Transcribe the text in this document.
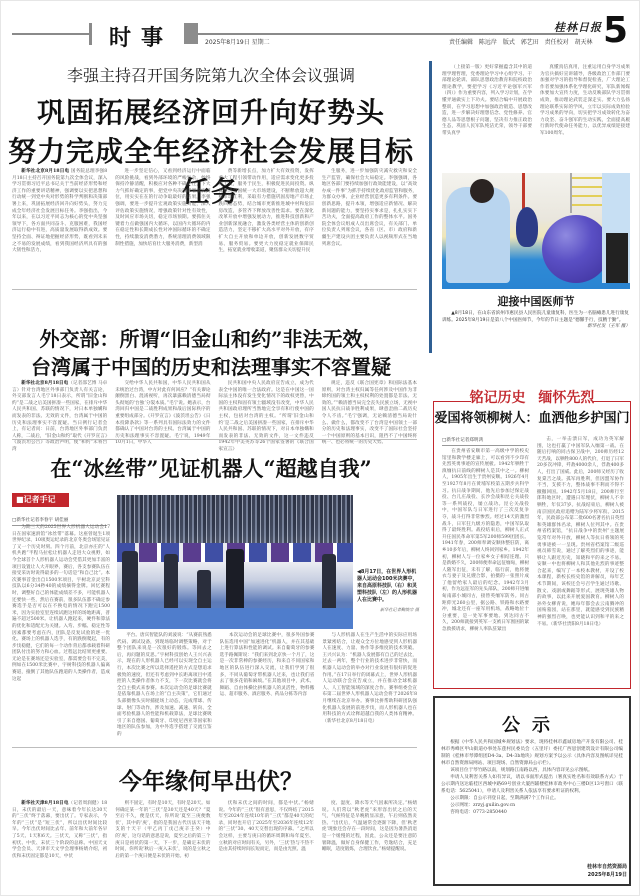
时事	2025年8月19日 星期二
桂林日报
责任编辑 陈远岸 版式 郭艺田 责任校对 胡天林 5
李强主持召开国务院第九次全体会议强调
巩固拓展经济回升向好势头
努力完成全年经济社会发展目标任务

新华社北京8月18日电 国务院总理李强8月18日主持召开国务院第九次全体会议，深入学习贯彻习近平总书记关于当前经济形势和经济工作的重要讲话精神，强调要以实把思想和行动统一到党中央对形势的科学判断和决策部署上来，巩固拓展经济回升向好势头，努力完成全年经济社会发展目标任务。李强指出，今年以来，在以习近平同志为核心的党中央坚强领导下，各方面共同奋斗、克服困难，我国经济运行稳中有进，高质量发展取得新成效。要坚持全面、辩证地把握经济形势，既看到未来之不易的发展成绩，看到我国经济所具有的强大韧性和活力，

进一步坚定信心，又看到经济运行中面临的风险挑战，看到外部环境的严峻复杂，始终保持冷静清醒，积极应对各种不确定性，下大力气抓好确定的事，把党中央决策部署落实到位，用实实在在的行动争取最好的结果。李强强调，要进一步提升宏观政策实施效能，深入评估政策实施情况，增强政策针对性有效性，及时回应市场关切，稳定市场预期。要抓住关键着力点做强国内大循环，以国内大循环的内在稳定性和长期成长性对冲国际循环的不确定性，持续激发消费潜力，系统清理消费领域限制性措施，加快培育壮大服务消费，新型消

费等新增长点，加力扩大有效投资，发挥重大工程引领带动作用，适应需求变化更多投资于人，服务于民生，积极促进民间投资。纵深推进全国统一大市场建设，不断释放超大规模市场红利，采取有力措施巩固房地产市场止跌回稳态势，结合城市更新推进城中村和危旧房改造，多管齐下释放改善性需求。要在深化改革开放中增强发展动力，推进科技创新和产业创新深度融合，激发各类经营主体的创新创造活力，坚定不移扩大高水平对外开放，有序扩大自主开放和单边开放，创新发展数字贸易、服务贸易。要更大力度稳定就业保障民生，拓宽就业增收渠道，聚焦群众关切提升民

生服务，进一步加强防灾减灾救灾和安全生产监管，确保社会大局稳定。李强强调，各地区各部门要持续加强行政效能建设，以“高效办成一件事”为抓手持续优化政府监管和服务，为群众办事、企业经营创造更多有利条件。要创新思路，提升本领，增强适应新情况、解决新问题的能力，要坚持实事求是，扎扎实实下苦功夫，全面提高政府工作的整体水平。国务院全体会议组成人员出席会议，有关部门、单位负责人列席会议，各省（区、市）政府和新疆生产建设兵团主要负责人以视频形式在当地列席会议。

外交部：所谓“旧金山和约”非法无效，
台湾属于中国的历史和法理事实不容置疑

新华社北京8月18日电（记者邵艺博 马卓言）针对台湾地区外事部门负责人有关言论，外交部发言人毛宁18日表示，所谓“旧金山和约”是二战之后美国拼凑一些国家，在排斥中华人民共和国、苏联的情况下，对日本单独媾和而发表的非法、无效的文件，台湾属于中国的历史和法理事实不容置疑。当日例行记者会上，有记者问：日前，台湾地区外事部门负责人称，二战后，“旧金山和约”取代《开罗宣言》《波茨坦公告》等政治声明，使“和约”未将台湾

交给中华人民共和国，中华人民共和国从未统治过台湾，中方对此有何回应？“有关谬论颠倒黑白、混淆视听，再次暴露赖清德当局彻头彻尾的‘台独’分裂本质。”毛宁说。她表示，台湾回归中国是二战胜利成果和战后国际秩序的重要组成部分。《开罗宣言》《波茨坦公告》《日本投降条款》等一系列具有国际法效力的文件都确认了中国对台湾的主权。台湾属于中国的历史和法理事实不容置疑。毛宁说，1949年10月1日，中华人

民共和国中央人民政府宣告成立，成为代表全中国的唯一合法政府。这是在中国这一国际法主体没有发生变化情况下的政权更替，中国的主权和固有领土疆域没有改变，中华人民共和国政府理所当然地完全享有和行使中国的主权，包括对台湾的主权。“所谓‘旧金山和约’是二战之后美国拼凑一些国家，在排斥中华人民共和国、苏联的情况下，对日本单独媾和而发表的非法、无效的文件，这一文件违反1942年中美英苏等26个国家签署的《联合国家宣言》

规定，违反《联合国宪章》和国际法基本原则，对台湾主权归属等任何涉及中国作为非缔约国的领土和主权权利的处置都是非法、无效的。”“赖清德当局完全丧失民族立场，无视中国人民抗日战争胜利成果，肆意歪曲二战历史令人不齿。”毛宁强调，无论赖清德当局说什么、做什么，都改变不了台湾是中国领土一部分的历史和法理事实，改变不了国际社会坚持一个中国原则的基本目识，阻挡不了中国终将统一、也必将统一的历史大势。

在“冰丝带”见证机器人“超越自我”
■记者手记
□新华社记者李春宇 胡佳丽
◀8月17日，在世界人形机器人运动会100米决赛中，来自高原科技队（右）和灵塑科技队（左）的人形机器人在比赛中。
新华社记者鞠焕宗 摄

为期三天的2025世界人形机器人运动会17日在国家速滑馆“冰丝带”落幕。这座曾诞生1项世界纪录、10项奥运纪录的北京冬奥会场馆见证了又一个历史时刻。四个月前，北京亦庄的“人机共跑”半程马拉松让机器人走进大众视野，如今全球首个人形机器人运动会凭借其更加丰富的项目设置让人大开眼界，赛后，各支参赛队伍在接受采访时说得最多的一句话是“和自己比”。本次赛事首金出自1500米项目，宇树北京灵宝科技队以6分34秒40的成绩摘得金牌。回忆赛程时，调整好自己的体能成绩差不多，可能机器人还要快一些，然后在赛前，很多队伍都不确定参赛选手是否可以在不换电的情况下跑完1500米，因为实验室里连续试跑这样的场地距离，普遍不超过500米。让机器人跑起来，硬件和算法的优化和适配尤为关键。入弯、步幅、稳定性等因素都要考虑在内，团队是反复试验的逐一优化。赛场上的机器人选手，有的跌倒爬起，有的步伐稳健，它们的每一个动作背后都承载着科研团队付出的努力和心血。过程远比结果更重要。无论是在赛场还是实验室，都需要会有不完美，例如在1500米比赛中，宇树科技的机器人偏离赛道，撞倒了其他队伍跑道的人类操作者，造成这起

平台。唐宾智能队的刘波说：“从赛前熟悉代码、调试设备，到现场临时调整策略，对于整个团队来说是一次很好的锻炼。等回去之后，再问题的反思。”宇树科技创始人王兴兴表示，现在的人形机器人已经可以实现全自主运行，本次比赛之所以选择遥控的方式是想追求极致的速度，但还有考虑到中长距离项目中遥控的人类操作者体力不支，下一次比赛就会将全自主模式来参赛。本次运动会的足球比赛就是依靠机器人在场上的“自主决策”，它们通过头部摄像头实时捕捉场上动态，完成带球、传球、射门等动作，涉及加速、减速、转向、全面考验机器人的性能和机载算法，足球比赛吸引了来自德国、葡萄牙、印度尼西亚等国家和地区的队伍参加，为中外选手搭建了交流互鉴的

本次运动会的足球比赛中，很多外国参赛队伍选用中国“加速进化”机器人，并在其基础上进行算法和性能的调试。来自葡萄牙的参赛选手路佩斯说：“我们来到北京快一个月了，这是一次非常棒的参赛经历，和来自不同国家和地区的队伍进行深入交流，让我们学到了很多，不同从葡萄牙带机器人过来，也让我们省去了很多花销和麻烦。”在其他项目中，武术、舞蹈、自由体操比拼机器人的灵活性，物料搬运、超市服务、酒店服务、药品分拣等内容

与人形机器人在生产生活中的实际应用场景紧密结合，让观众全方位地感受到人形机器人在速度、力量、协作等多维度的技术突破。王兴兴认为：“机器人发展都有自己的过去比，过去一两年，整个行业的技术进步非常快，而机器人运动会的举办对行业发展有很好的促进作用。”在17日举行的闭幕式上，世界人形机器人运动联合会宣告成立，并在推动全球机器人、人工智能领域的深度合作。赛事组委会宣布第二届世界人形机器人运动会将于2026年8月继续在北京举办。赛事比拼帮助科研团队强化机器人发展的前进步伐，而人形机器人也在用科技的方式诠释超越自我的人类体育精神。（新华社北京8月18日电）

今年缘何早出伏？

新华社天津8月18日电（记者周润健）18日，末伏的最后一天，意味着今年长达30天的“三伏”终于落幕，要出伏了。专家表示，今年的“三伏”是“短三伏”，所以出伏时间比较早。今年出伏时间比去年、前年和大前年各早了5天、1天和6天。三伏天，又称“三伏”，指初伏、中伏、末伏三个阶段的总称。中国天文学会会员、天津市天文学会理事杨婧介绍，初伏和末伏固定都是10天，中伏

则不固定，有时是10天，有时是20天。如何确定某一年的“三伏”是30天还是40天？“夏至后不久，便是伏天，你所说‘夏至三庚便数伏’，其中的‘庚’，指的是我国古代历法天干地支的十天干（甲乙丙丁戊己庚辛壬癸）中的‘庚’，这句话的意思是说，夏至之后的第三个庚日是初伏的第一天，下一步，是确定末伏的时间，你所说‘秋后一庚入末伏’，说的是立秋之后的第一个庚日便是末伏的开始。初

伏和末伏之间的时间，都是中伏。”杨婧说。今年的“三伏”很有意思，不仅终结了2015年至2024年连续10年的“三伏”都是40天的纪录，同时也开启了2025年至2036年连续12年的“三伏”30、40天交替出现的序幕。“之所以会这样，主要与庚日的循环周期和每年夏至、立秋的对应时间有关，另外，‘三伏’热与不热不是由其持续时间长短而定，而是由光照、温

度、湿度、降水等天气因素所决定。”杨婧说。人们常以“秋老虎”来形容出伏之后的天气，气候特征是早晚稍显凉意，午后则依然炎热。“出伏后，气温通常会逐渐下降，但‘秋老虎’现象还会存在一段时间，这是因为暑热消退是一个缓慢的过程，因此，公众还是要注意防暑降温，做好自身保健工作，劳逸结合，充足睡眠，适度锻炼，合理饮食。”杨婧提醒说。

（上接第一版）更好掌握蕴含其中的道理学理哲理，党委理论学习中心组学习、干部理论轮训、部队思想政治教育和院校政治理论教学，要把学习《习近平论强军兴军（四）》作为重要内容，列入学习计划，在学懂弄通做实上下功夫。要结合编中开展政治整训，在学习思想中加强政治锻造、思想改造，进一步解决好理想信念、党性修养、官德人品等思想根子问题，坚决有力推正政治生态，巩固人民军队纯洁光荣，领导干部要带头真学

真懂真信真用，注重运用自身学习成果为官兵搞好宣讲辅导，各级政治工作部门要加强对学习的指导和督促检查，广大理论工作者要加强体系化学理化研究，军队新闻媒体要加大宣传力度，生动反映部队学习贯彻成效，推动理论武装走深走实。要大力弘扬理论联系实际的学风，立牢以实际成效检验学习成果的导向，切实把学习成效转化为奋力攻坚、奋斗强军的生动实践，全面提高履行新时代使命任务能力，以优异成绩迎接建军100周年。

迎接中国医师节
▲8月18日，在山东省滨州市惠民县人民医院儿童康复科，医生为一名脑瘫患儿进行康复训练。2025年8月19日是第八个中国医师节，今年的节日主题是“德馨手行，技精于勤”。
新华社发（王军 摄）
铭记历史 缅怀先烈
爱国将领柳树人：血洒他乡护国门
□新华社记者郑明鸿

在贵州省安顺市第一高级中学的校史馆里和教学楼走廊上，可以看到不少印有先烈英勇事迹的宣传展板。1942年牺牲于滇缅抗日前线的柳树人是其中之一。柳树人，1905年出生于贵州安顺。1926年4月至1927年8月在黄埔军校第五期步兵科学习。抗日战争期间，他先后参加过保定战役、台儿庄战役、长沙会战和昆仑关战役等一系列战役，屡立战功。昆仑关战役中，中国军队与日军进行了三次反复争夺，战斗打得非常惨烈。经过14天的激烈战斗，日军狂九级方的隐患，中国军队取得了最终胜利。战役结束后，柳树人正式升任国民革命军第5军200师599团团长。1941年春，200师奉调安顺休整驻防，离乡10多年后，柳树人终回到家乡。1942年初，柳树人与一位家乡女子相结连理。只是新婚不久，200师便奉命远征缅甸，柳树人随军出征，未有了解，临行前，他将便衣与妻子及兄嫂合影，拍摄的一张照片成了他留给家人最后的纪念。1942年3月初，作为远征军的先头部队，200师开进缅甸南部小城同古，接替英缅军防务。同古距仰光260公里，据公路、铁路和水路要冲，城北还有一座军用机场，战略地位十分重要，是一处军事要地。到达同古不久，200师就接到英军一支被日军围困的紧急救援请求，柳树人率队驻紧出

击，一举击溃日军，成功为英军解围，这也打赢了中国军队入缅第一战。在随后打响的同古保卫战中，200师历经12天苦战，以牺牲800人的代价，打退了日军20多次冲锋，歼敌4000余人，俘敌400多人，打出了国威。此后，200师又经历了收复棠吉之战。孤军再胜利，但因盟军协作不当，支援不力，整体战事不利而不得不撤撤回国。1942年5月18日，200师行至郎科地区时，遭遇日军埋伏，柳树人不幸牺牲，年仅37岁。抗战结束后，柳树人被南京国民政府追赠为陆军少将军衔。2015年，民政部公布第二批600名著名抗日英烈和英雄群体名录，柳树人位列其中。在贵州省档案馆，“抗日战争中的贵州”主题展览常年对外开放，柳树人等抗日将领的英勇事迹被一一呈现。贵州省档案馆二级巡视员韩雪说，通过了解英烈们的事迹，能够让人跟近历史，知晓和平的来之不易。安顺一中也将柳树人和其他先烈的事迹整合起来，编写了一本校本教材，开设了校本课程，新校长校史馆的讲解员，每年艺术节期间，该校还会号召学生通过诗歌、散文、戏剧或舞蹈等形式，展现英雄人物的故事，以此来开展爱国教育。柳树人的孙外女柳青说，她每年都会去云南腾冲的国殇墓园，站在那里，就能感受到民族精神的强烈召唤，也更能认识到和平的来之不易。（新华社贵阳8月18日电）

公示

根据《中华人民共和国城乡规划法》要求，现将桂林市鑫诚房地产开发有限公司、桂林市秀峰区甲山街道办事处东莲村民委员会（五里圩）委托广西思创建筑设计有限公司编制的《桂林市琴潭组团D4-3a、D4-3b地块》规划方案予以公示（具体内容及图纸详见桂林市自然资源局网站、项目现场、自然资源局公示栏）。

该项目位于琴竹路以南，规划路江南路以西，具体内容详见公示图纸。

申请人及利害关系人如有异议，请以书面形式提出（署真实姓名和有效联系方式）于公示期内送达临桂区西城中路69号创业大厦西辅楼桂林市政务中心三楼D区13号窗口（联系电话：5625041），申请人及利害关系人依法享有要求听证的权利。

公示期限：自公示刊登日起，至期满满7个工作日止。

公示网址：zrzyj.guilin.gov.cn

咨询电话：0773-2850440

桂林市自然资源局
2025年8月19日
